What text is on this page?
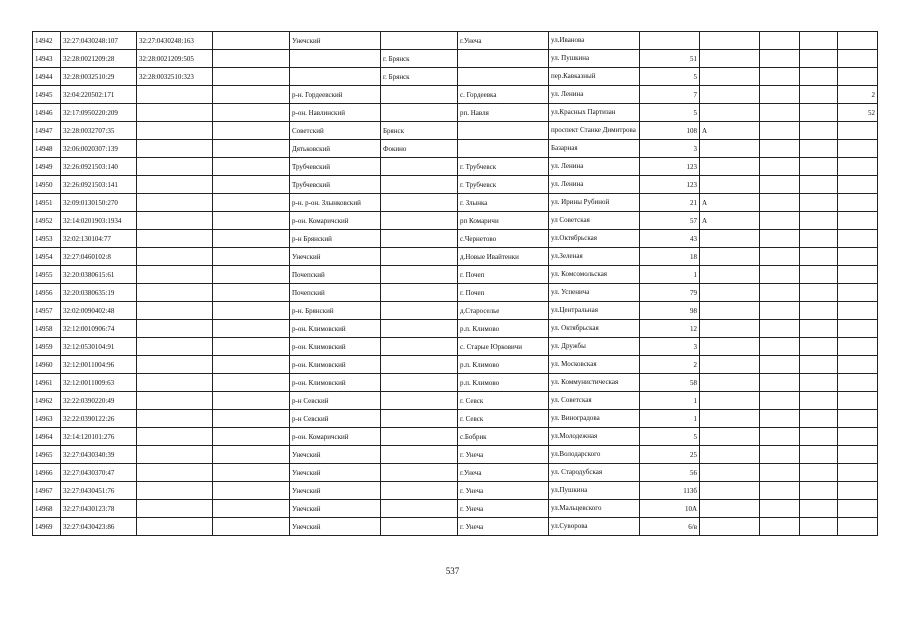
14942	32:27:0430248:107	32:27:0430248:163		Унечский		г.Унеча	ул.Иванова					
14943	32:28:0021209:28	32:28:0021209:505			г. Брянск		ул. Пушкина	51				
14944	32:28:0032510:29	32:28:0032510:323			г. Брянск		пер.Кавказный	5				
14945	32:04:220502:171			р-н. Гордеевский		с. Гордеевка	ул. Ленина	7				2
14946	32:17:0950220:209			р-он. Навлинский		рп. Навля	ул.Красных Партизан	5				52
14947	32:28:0032707:35			Советский	Брянск		проспект Станке Димитрова	108	А			
14948	32:06:0020307:139			Дятьковский	Фокино		Базарная	3				
14949	32:26:0921503:140			Трубчевский		г. Трубчевск	ул. Ленина	123				
14950	32:26:0921503:141			Трубчевский		г. Трубчевск	ул. Ленина	123				
14951	32:09:0130150:270			р-н. р-он. Злынковский		г. Злынка	ул. Ирины Рубиной	21	А			
14952	32:14:0201903:1934			р-он. Комаричский		рп Комаричи	ул Советская	57	А			
14953	32:02:130104:77			р-н Брянский		с.Чернетово	ул.Октябрьская	43				
14954	32:27:0460102:8			Унечский		д.Новые Ивайтенки	ул.Зеленая	18				
14955	32:20:0380615:61			Почепский		г. Почеп	ул. Комсомольская	1				
14956	32:20:0380635:19			Почепский		г. Почеп	ул. Успенича	79				
14957	32:02:0090402:48			р-н. Брянский		д.Староселье	ул.Центральная	98				
14958	32:12:0010906:74			р-он. Климовский		р.п. Климово	ул. Октябрьская	12				
14959	32:12:0530104:91			р-он. Климовский		с. Старые Юрковичи	ул. Дружбы	3				
14960	32:12:0011004:96			р-он. Климовский		р.п. Климово	ул. Московская	2				
14961	32:12:0011009:63			р-он. Климовский		р.п. Климово	ул. Коммунистическая	58				
14962	32:22:0390220:49			р-н Севский		г. Севск	ул. Советская	1				
14963	32:22:0390122:26			р-н Севский		г. Севск	ул. Виноградова	1				
14964	32:14:120101:276			р-он. Комаричский		с.Бобрик	ул.Молодежная	5				
14965	32:27:0430340:39			Унечский		г. Унеча	ул.Володарского	25				
14966	32:27:0430370:47			Унечский		г.Унеча	ул. Стародубская	56				
14967	32:27:0430451:76			Унечский		г. Унеча	ул.Пушкина	113б				
14968	32:27:0430123:78			Унечский		г. Унеча	ул.Мальцевского	10А				
14969	32:27:0430423:86			Унечский		г. Унеча	ул.Суворова	6/в				
537
